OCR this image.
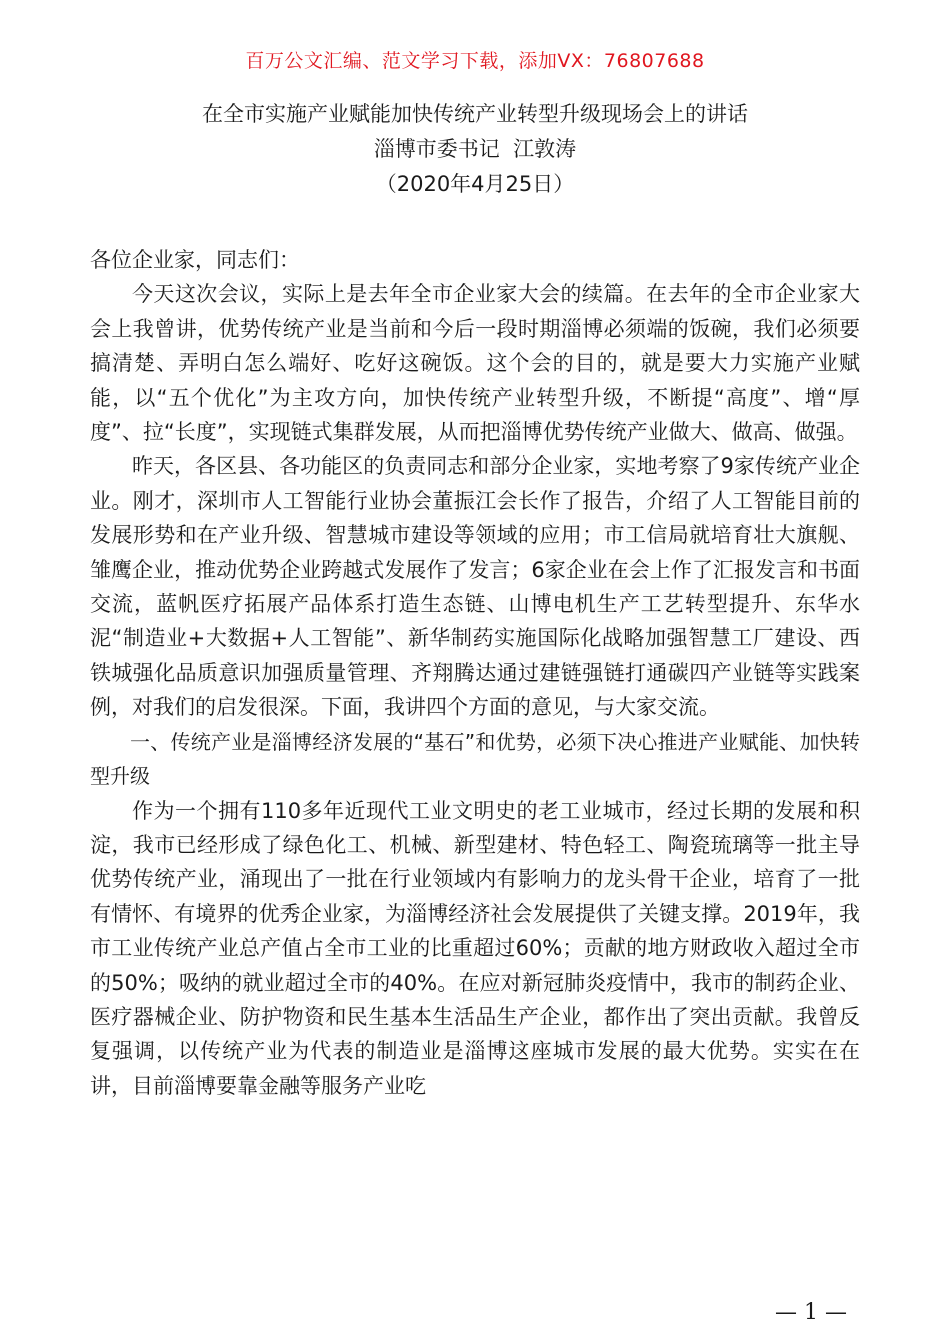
百万公文汇编、范文学习下载，添加VX：76807688
在全市实施产业赋能加快传统产业转型升级现场会上的讲话
淄博市委书记  江敦涛
（2020年4月25日）

各位企业家，同志们：

今天这次会议，实际上是去年全市企业家大会的续篇。在去年的全市企业家大会上我曾讲，优势传统产业是当前和今后一段时期淄博必须端的饭碗，我们必须要搞清楚、弄明白怎么端好、吃好这碗饭。这个会的目的，就是要大力实施产业赋能，以“五个优化”为主攻方向，加快传统产业转型升级，不断提“高度”、增“厚度”、拉“长度”，实现链式集群发展，从而把淄博优势传统产业做大、做高、做强。

昨天，各区县、各功能区的负责同志和部分企业家，实地考察了9家传统产业企业。刚才，深圳市人工智能行业协会董振江会长作了报告，介绍了人工智能目前的发展形势和在产业升级、智慧城市建设等领域的应用；市工信局就培育壮大旗舰、雏鹰企业，推动优势企业跨越式发展作了发言；6家企业在会上作了汇报发言和书面交流，蓝帆医疗拓展产品体系打造生态链、山博电机生产工艺转型提升、东华水泥“制造业+大数据+人工智能”、新华制药实施国际化战略加强智慧工厂建设、西铁城强化品质意识加强质量管理、齐翔腾达通过建链强链打通碳四产业链等实践案例，对我们的启发很深。下面，我讲四个方面的意见，与大家交流。

一、传统产业是淄博经济发展的“基石”和优势，必须下决心推进产业赋能、加快转型升级

作为一个拥有110多年近现代工业文明史的老工业城市，经过长期的发展和积淀，我市已经形成了绿色化工、机械、新型建材、特色轻工、陶瓷琉璃等一批主导优势传统产业，涌现出了一批在行业领域内有影响力的龙头骨干企业，培育了一批有情怀、有境界的优秀企业家，为淄博经济社会发展提供了关键支撑。2019年，我市工业传统产业总产值占全市工业的比重超过60%；贡献的地方财政收入超过全市的50%；吸纳的就业超过全市的40%。在应对新冠肺炎疫情中，我市的制药企业、医疗器械企业、防护物资和民生基本生活品生产企业，都作出了突出贡献。我曾反复强调，以传统产业为代表的制造业是淄博这座城市发展的最大优势。实实在在讲，目前淄博要靠金融等服务产业吃

— 1 —
